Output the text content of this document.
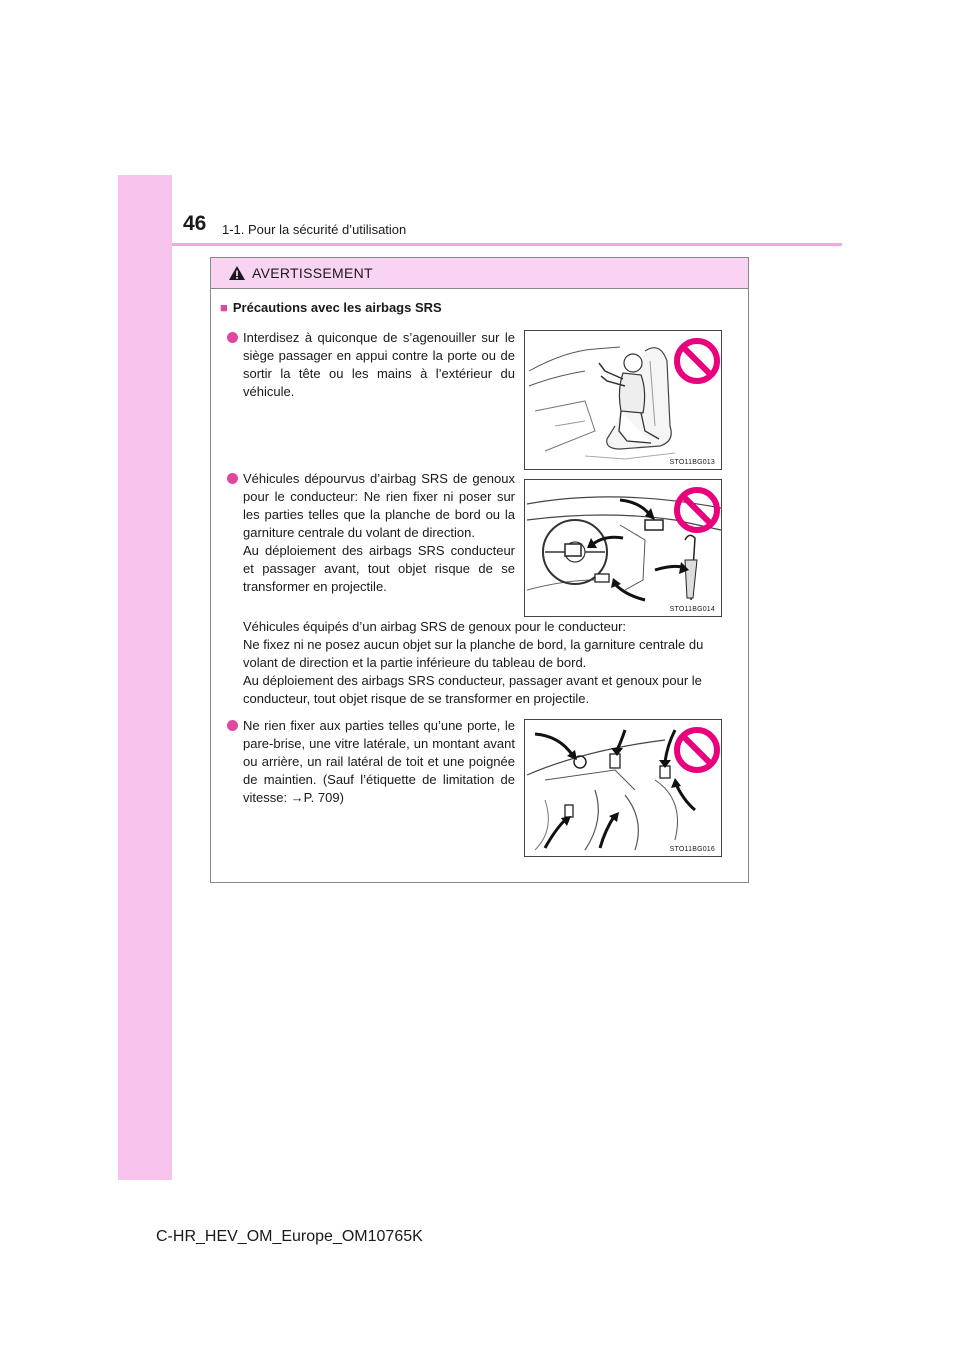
46 1-1. Pour la sécurité d’utilisation
AVERTISSEMENT
■ Précautions avec les airbags SRS
Interdisez à quiconque de s’agenouiller sur le siège passager en appui contre la porte ou de sortir la tête ou les mains à l’extérieur du véhicule.
STO11BG013
Véhicules dépourvus d’airbag SRS de genoux pour le conducteur: Ne rien fixer ni poser sur les parties telles que la planche de bord ou la garniture centrale du volant de direction.
Au déploiement des airbags SRS conducteur et passager avant, tout objet risque de se transformer en projectile.
STO11BG014
Véhicules équipés d’un airbag SRS de genoux pour le conducteur:
Ne fixez ni ne posez aucun objet sur la planche de bord, la garniture centrale du
volant de direction et la partie inférieure du tableau de bord.
Au déploiement des airbags SRS conducteur, passager avant et genoux pour le
conducteur, tout objet risque de se transformer en projectile.
Ne rien fixer aux parties telles qu’une porte, le pare-brise, une vitre latérale, un montant avant ou arrière, un rail latéral de toit et une poignée de maintien. (Sauf l’étiquette de limitation de vitesse: →P. 709)
STO11BG016
C-HR_HEV_OM_Europe_OM10765K
